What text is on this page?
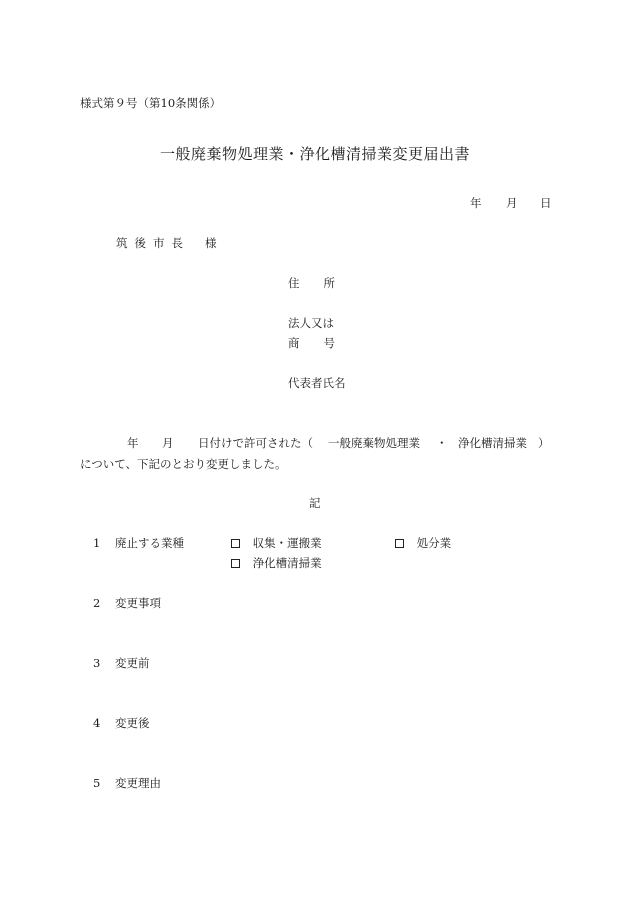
様式第９号（第10条関係）
一般廃棄物処理業・浄化槽清掃業変更届出書
年 月 日
筑 後 市 長 様
住 所
法人又は
商 号
代表者氏名
年 月 日付けで許可された（ 一般廃棄物処理業 ・ 浄化槽清掃業 ）
について、下記のとおり変更しました。
記
1 廃止する業種	収集・運搬業	処分業
浄化槽清掃業
2 変更事項
3 変更前
4 変更後
5 変更理由
